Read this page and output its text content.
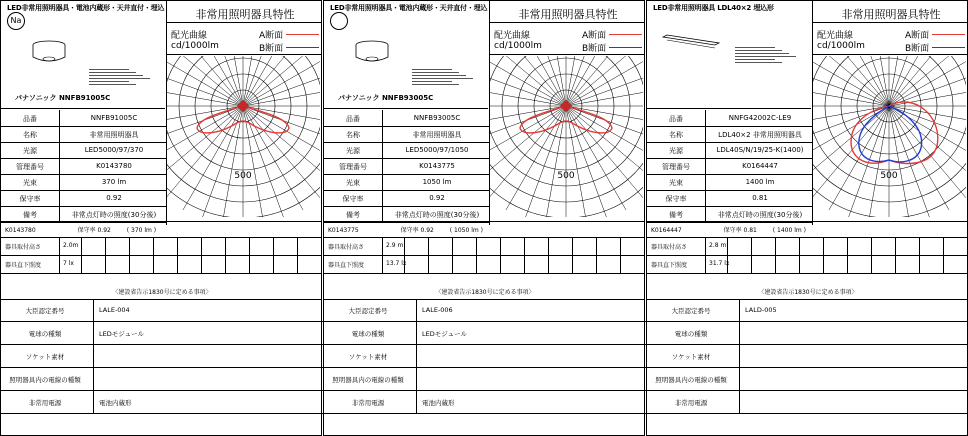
LED非常用照明器具・電池内蔵形・天井直付・埋込
Na
パナソニック NNFB91005C
非常用照明器具特性
配光曲線
cd/1000lm
A断面
B断面
500
品番	NNFB91005C
名称	非常用照明器具
光源	LED5000/97/370
管理番号	K0143780
光束	370 lm
保守率	0.92
備考	非常点灯時の照度(30分後)
K0143780	保守率 0.92	( 370 lm )
器具取付高さ	2.0m
器具直下照度	7 lx
〈建設省告示1830号に定める事項〉
大臣認定番号	LALE-004
電球の種類	LEDモジュール
ソケット素材
照明器具内の電線の種類
非常用電源	電池内蔵形
LED非常用照明器具・電池内蔵形・天井直付・埋込
パナソニック NNFB93005C
非常用照明器具特性
配光曲線
cd/1000lm
A断面
B断面
500
品番	NNFB93005C
名称	非常用照明器具
光源	LED5000/97/1050
管理番号	K0143775
光束	1050 lm
保守率	0.92
備考	非常点灯時の照度(30分後)
K0143775	保守率 0.92	( 1050 lm )
器具取付高さ	2.9 m
器具直下照度	13.7 lx
〈建設省告示1830号に定める事項〉
大臣認定番号	LALE-006
電球の種類	LEDモジュール
ソケット素材
照明器具内の電線の種類
非常用電源	電池内蔵形
LED非常用照明器具 LDL40×2 埋込形	非常用照明器具特性
配光曲線
cd/1000lm
A断面
B断面
500
品番	NNFG42002C-LE9
名称	LDL40×2 非常用照明器具
光源	LDL40S/N/19/25-K(1400)
管理番号	K0164447
光束	1400 lm
保守率	0.81
備考	非常点灯時の照度(30分後)
K0164447	保守率 0.81	( 1400 lm )
器具取付高さ	2.8 m
器具直下照度	31.7 lx
〈建設省告示1830号に定める事項〉
大臣認定番号	LALD-005
電球の種類
ソケット素材
照明器具内の電線の種類
非常用電源
